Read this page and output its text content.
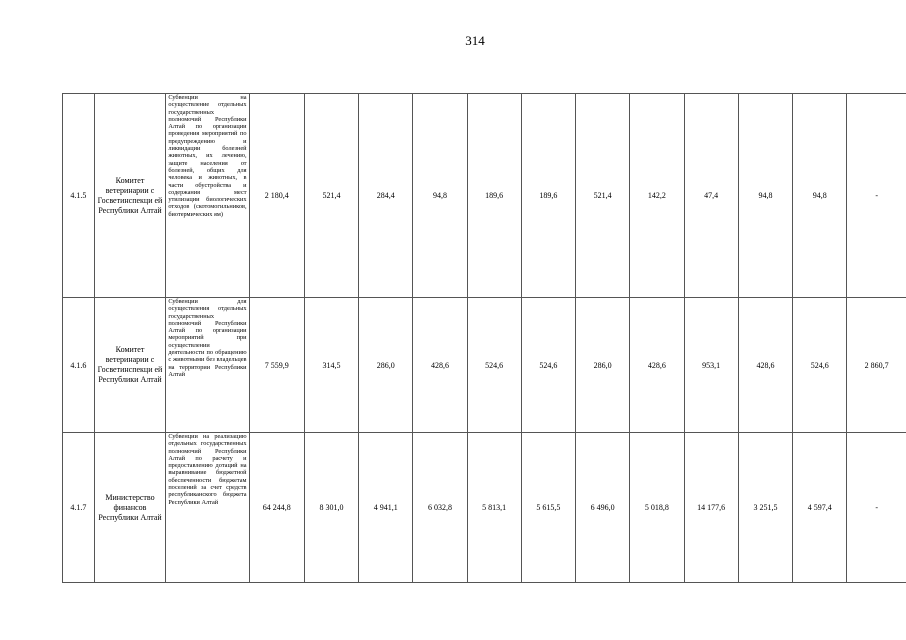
314
4.1.5	Комитет ветеринарии с Госветинспекци ей Республики Алтай	Субвенции на осуществление отдельных государственных полномочий Республики Алтай по организации проведения мероприятий по предупреждению и ликвидации болезней животных, их лечению, защите населения от болезней, общих для человека и животных, в части обустройства и содержания мест утилизации биологических отходов (скотомогильников, биотермических ям)	2 180,4	521,4	284,4	94,8	189,6	189,6	521,4	142,2	47,4	94,8	94,8	-
4.1.6	Комитет ветеринарии с Госветинспекци ей Республики Алтай	Субвенции для осуществления отдельных государственных полномочий Республики Алтай по организации мероприятий при осуществлении деятельности по обращению с животными без владельцев на территории Республики Алтай	7 559,9	314,5	286,0	428,6	524,6	524,6	286,0	428,6	953,1	428,6	524,6	2 860,7
4.1.7	Министерство финансов Республики Алтай	Субвенции на реализацию отдельных государственных полномочий Республики Алтай по расчету и предоставлению дотаций на выравнивание бюджетной обеспеченности бюджетам поселений за счет средств республиканского бюджета Республики Алтай	64 244,8	8 301,0	4 941,1	6 032,8	5 813,1	5 615,5	6 496,0	5 018,8	14 177,6	3 251,5	4 597,4	-
